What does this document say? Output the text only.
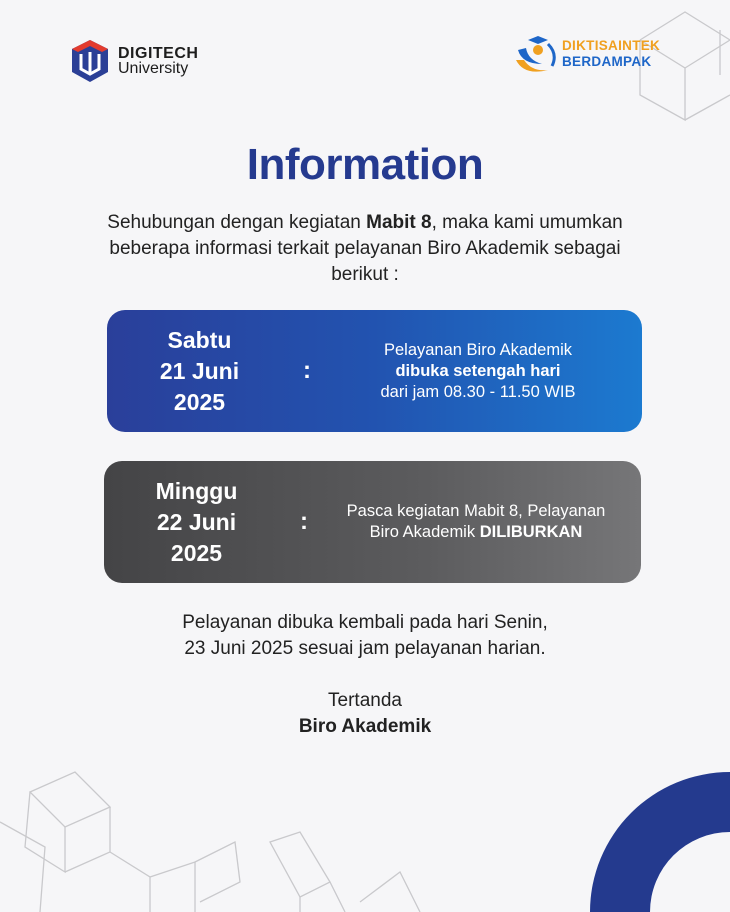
DIGITECH
University
DIKTISAINTEK
BERDAMPAK
Information
Sehubungan dengan kegiatan Mabit 8, maka kami umumkan beberapa informasi terkait pelayanan Biro Akademik sebagai berikut :
Sabtu
21 Juni
2025
:
Pelayanan Biro Akademik
dibuka setengah hari
dari jam 08.30 - 11.50 WIB
Minggu
22 Juni
2025
:	Pasca kegiatan Mabit 8, Pelayanan
Biro Akademik DILIBURKAN
Pelayanan dibuka kembali pada hari Senin,
23 Juni 2025 sesuai jam pelayanan harian.
Tertanda
Biro Akademik
